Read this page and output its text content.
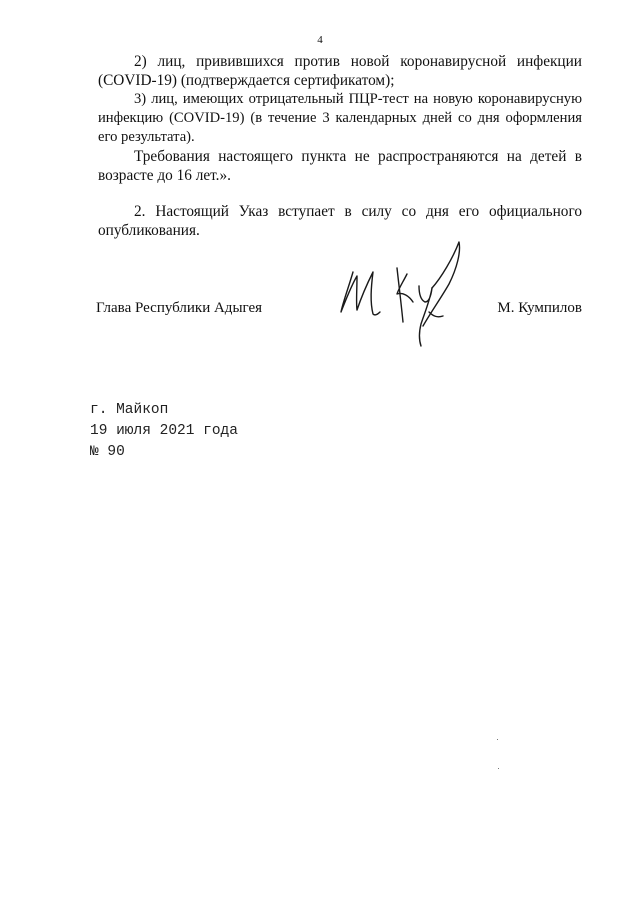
4

2) лиц, привившихся против новой коронавирусной инфекции (COVID-19) (подтверждается сертификатом);

3) лиц, имеющих отрицательный ПЦР-тест на новую коронавирусную инфекцию (COVID-19) (в течение 3 календарных дней со дня оформления его результата).

Требования настоящего пункта не распространяются на детей в возрасте до 16 лет.».

2. Настоящий Указ вступает в силу со дня его официального опубликования.

Глава Республики Адыгея	М. Кумпилов
г. Майкоп
19 июля 2021 года
№ 90
